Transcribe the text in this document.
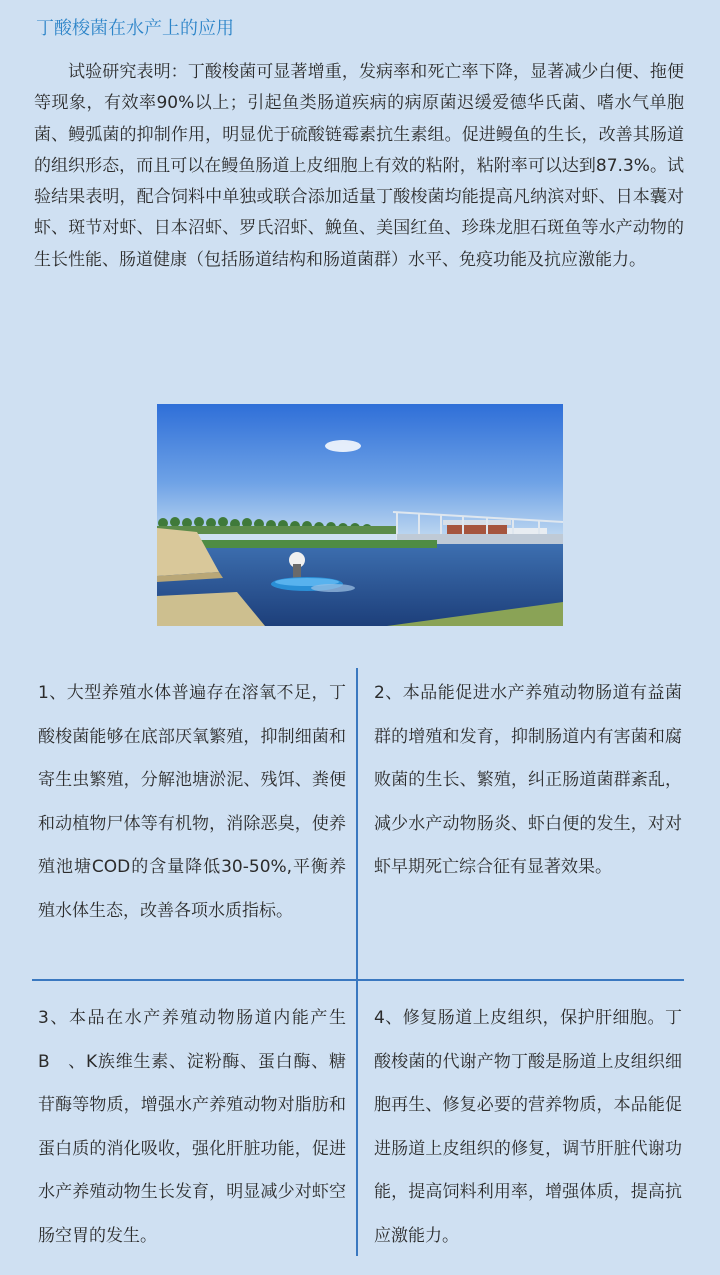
丁酸梭菌在水产上的应用

试验研究表明：丁酸梭菌可显著增重，发病率和死亡率下降，显著减少白便、拖便等现象，有效率90%以上；引起鱼类肠道疾病的病原菌迟缓爱德华氏菌、嗜水气单胞菌、鳗弧菌的抑制作用，明显优于硫酸链霉素抗生素组。促进鳗鱼的生长，改善其肠道的组织形态，而且可以在鳗鱼肠道上皮细胞上有效的粘附，粘附率可以达到87.3%。试验结果表明，配合饲料中单独或联合添加适量丁酸梭菌均能提高凡纳滨对虾、日本囊对虾、斑节对虾、日本沼虾、罗氏沼虾、鮸鱼、美国红鱼、珍珠龙胆石斑鱼等水产动物的生长性能、肠道健康（包括肠道结构和肠道菌群）水平、免疫功能及抗应激能力。

1、大型养殖水体普遍存在溶氧不足，丁酸梭菌能够在底部厌氧繁殖，抑制细菌和寄生虫繁殖，分解池塘淤泥、残饵、粪便和动植物尸体等有机物，消除恶臭，使养殖池塘COD的含量降低30-50%,平衡养殖水体生态，改善各项水质指标。

2、本品能促进水产养殖动物肠道有益菌群的增殖和发育，抑制肠道内有害菌和腐败菌的生长、繁殖，纠正肠道菌群紊乱，减少水产动物肠炎、虾白便的发生，对对虾早期死亡综合征有显著效果。

3、本品在水产养殖动物肠道内能产生B　、K族维生素、淀粉酶、蛋白酶、糖苷酶等物质，增强水产养殖动物对脂肪和蛋白质的消化吸收，强化肝脏功能，促进水产养殖动物生长发育，明显减少对虾空肠空胃的发生。

4、修复肠道上皮组织，保护肝细胞。丁酸梭菌的代谢产物丁酸是肠道上皮组织细胞再生、修复必要的营养物质，本品能促进肠道上皮组织的修复，调节肝脏代谢功能，提高饲料利用率，增强体质，提高抗应激能力。
